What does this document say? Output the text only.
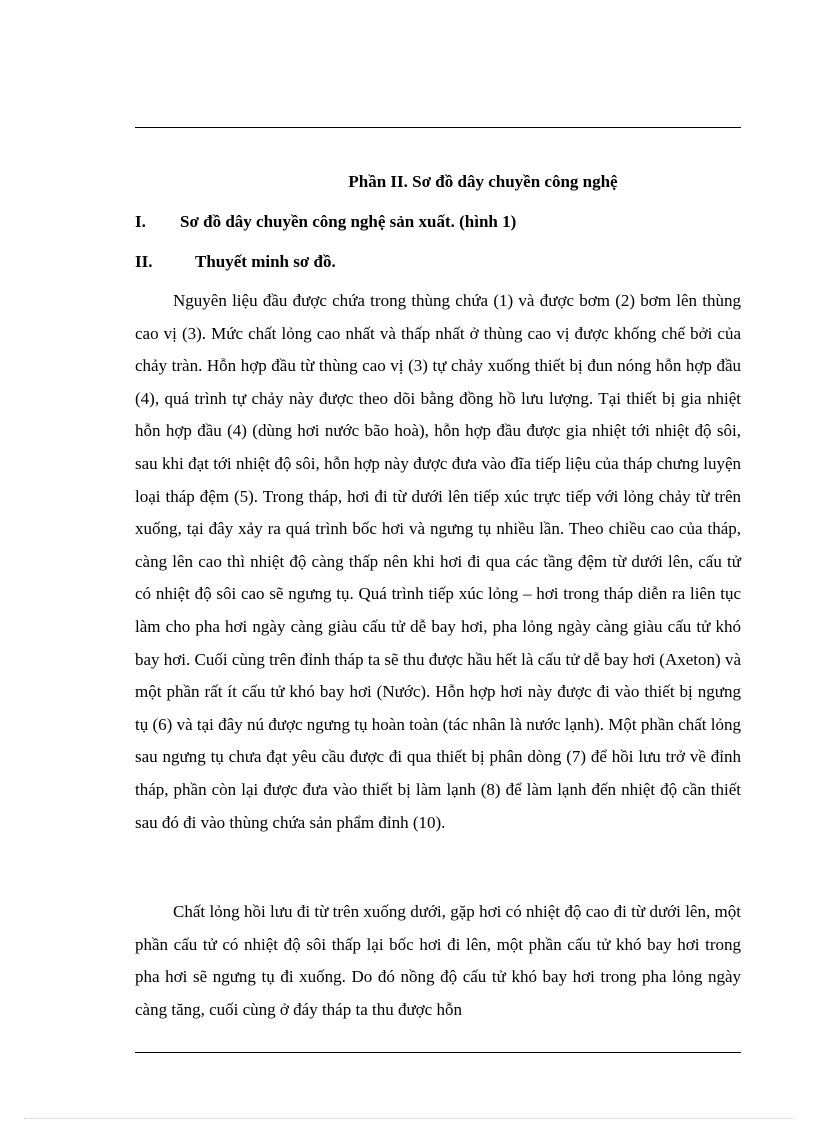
Phần II. Sơ đồ dây chuyền công nghệ
I. Sơ đồ dây chuyền công nghệ sản xuất. (hình 1)
II.	Thuyết minh sơ đồ.

Nguyên liệu đầu được chứa trong thùng chứa (1) và được bơm (2) bơm lên thùng cao vị (3). Mức chất lỏng cao nhất và thấp nhất ở thùng cao vị được khống chế bởi của chảy tràn. Hỗn hợp đầu từ thùng cao vị (3) tự chảy xuống thiết bị đun nóng hỗn hợp đầu (4), quá trình tự chảy này được theo dõi bằng đồng hồ lưu lượng. Tại thiết bị gia nhiệt hỗn hợp đầu (4) (dùng hơi nước bão hoà), hỗn hợp đầu được gia nhiệt tới nhiệt độ sôi, sau khi đạt tới nhiệt độ sôi, hỗn hợp này được đưa vào đĩa tiếp liệu của tháp chưng luyện loại tháp đệm (5). Trong tháp, hơi đi từ dưới lên tiếp xúc trực tiếp với lỏng chảy từ trên xuống, tại đây xảy ra quá trình bốc hơi và ngưng tụ nhiều lần. Theo chiều cao của tháp, càng lên cao thì nhiệt độ càng thấp nên khi hơi đi qua các tầng đệm từ dưới lên, cấu tử có nhiệt độ sôi cao sẽ ngưng tụ. Quá trình tiếp xúc lỏng – hơi trong tháp diễn ra liên tục làm cho pha hơi ngày càng giàu cấu tử dễ bay hơi, pha lỏng ngày càng giàu cấu tử khó bay hơi. Cuối cùng trên đỉnh tháp ta sẽ thu được hầu hết là cấu tử dễ bay hơi (Axeton) và một phần rất ít cấu tử khó bay hơi (Nước). Hỗn hợp hơi này được đi vào thiết bị ngưng tụ (6) và tại đây nú được ngưng tụ hoàn toàn (tác nhân là nước lạnh). Một phần chất lỏng sau ngưng tụ chưa đạt yêu cầu được đi qua thiết bị phân dòng (7) để hồi lưu trở về đỉnh tháp, phần còn lại được đưa vào thiết bị làm lạnh (8) để làm lạnh đến nhiệt độ cần thiết sau đó đi vào thùng chứa sản phẩm đỉnh (10).

Chất lỏng hồi lưu đi từ trên xuống dưới, gặp hơi có nhiệt độ cao đi từ dưới lên, một phần cấu tử có nhiệt độ sôi thấp lại bốc hơi đi lên, một phần cấu tử khó bay hơi trong pha hơi sẽ ngưng tụ đi xuống. Do đó nồng độ cấu tử khó bay hơi trong pha lỏng ngày càng tăng, cuối cùng ở đáy tháp ta thu được hỗn
